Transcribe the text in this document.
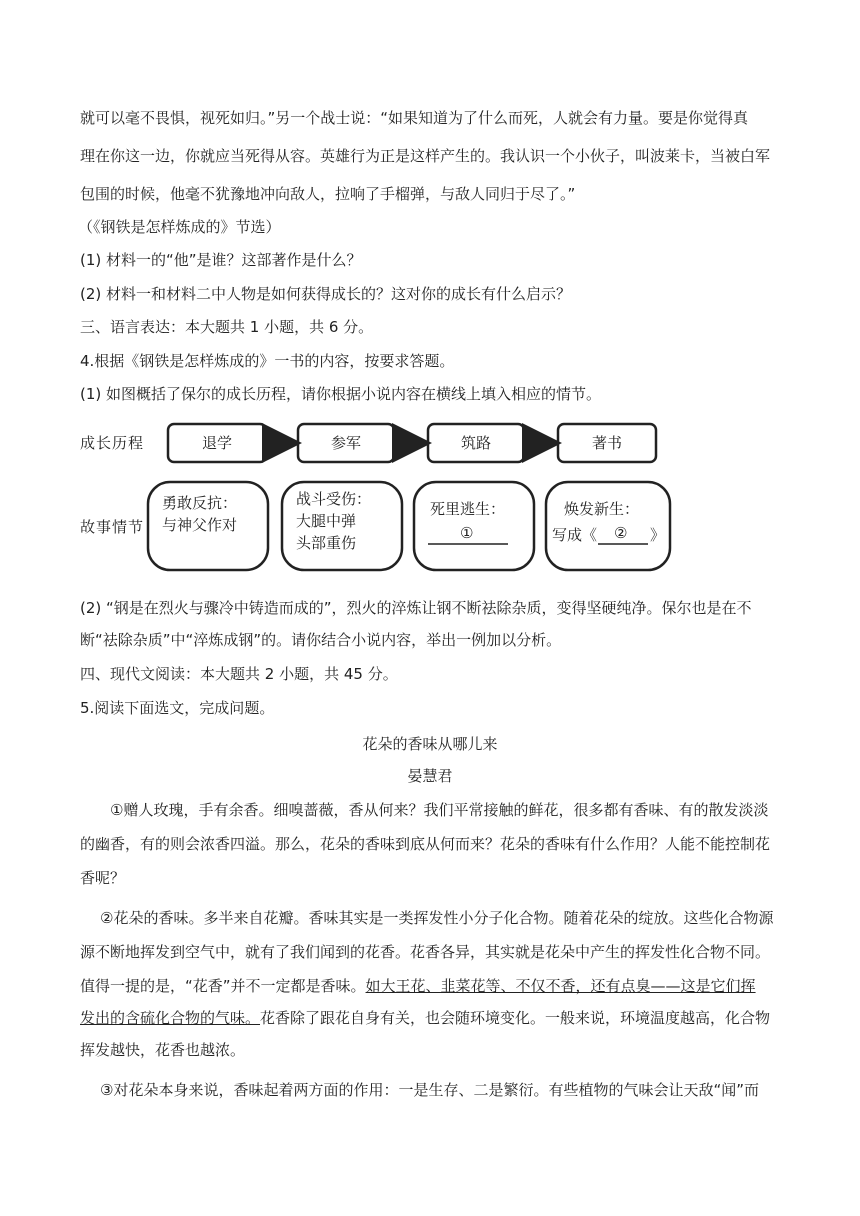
就可以毫不畏惧，视死如归。”另一个战士说：“如果知道为了什么而死，人就会有力量。要是你觉得真
理在你这一边，你就应当死得从容。英雄行为正是这样产生的。我认识一个小伙子，叫波莱卡，当被白军
包围的时候，他毫不犹豫地冲向敌人，拉响了手榴弹，与敌人同归于尽了。”
（《钢铁是怎样炼成的》节选）
(1) 材料一的“他”是谁？这部著作是什么？
(2) 材料一和材料二中人物是如何获得成长的？这对你的成长有什么启示？
三、语言表达：本大题共 1 小题，共 6 分。
4.根据《钢铁是怎样炼成的》一书的内容，按要求答题。
(1) 如图概括了保尔的成长历程，请你根据小说内容在横线上填入相应的情节。
成长历程
故事情节
退学	参军	筑路	著书
勇敢反抗：
与神父作对
战斗受伤：
大腿中弹
头部重伤
死里逃生：
①
焕发新生：
写成《 ② 》
(2) “钢是在烈火与骤冷中铸造而成的”，烈火的淬炼让钢不断祛除杂质，变得坚硬纯净。保尔也是在不
断“祛除杂质”中“淬炼成钢”的。请你结合小说内容，举出一例加以分析。
四、现代文阅读：本大题共 2 小题，共 45 分。
5.阅读下面选文，完成问题。
花朵的香味从哪儿来
晏慧君
①赠人玫瑰，手有余香。细嗅蔷薇，香从何来？我们平常接触的鲜花，很多都有香味、有的散发淡淡
的幽香，有的则会浓香四溢。那么，花朵的香味到底从何而来？花朵的香味有什么作用？人能不能控制花
香呢？
②花朵的香味。多半来自花瓣。香味其实是一类挥发性小分子化合物。随着花朵的绽放。这些化合物源
源不断地挥发到空气中，就有了我们闻到的花香。花香各异，其实就是花朵中产生的挥发性化合物不同。
值得一提的是，“花香”并不一定都是香味。如大王花、韭菜花等、不仅不香，还有点臭——这是它们挥
发出的含硫化合物的气味。花香除了跟花自身有关，也会随环境变化。一般来说，环境温度越高，化合物
挥发越快，花香也越浓。
③对花朵本身来说，香味起着两方面的作用：一是生存、二是繁衍。有些植物的气味会让天敌“闻”而
